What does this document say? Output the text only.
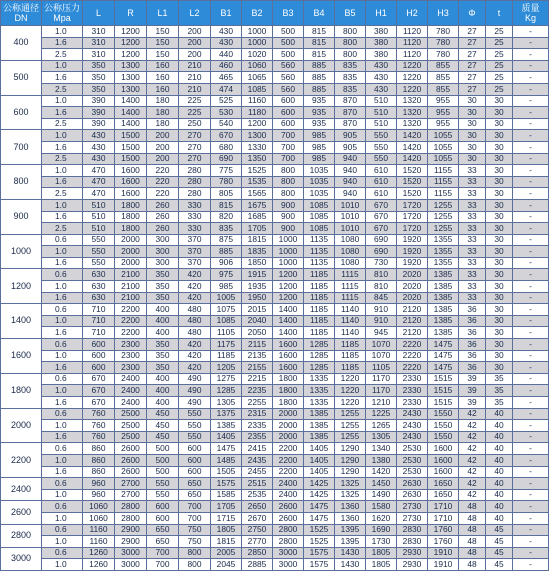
公称通径
DN	公称压力
Mpa	L	R	L1	L2	B1	B2	B3	B4	B5	H1	H2	H3	Φ	t	质量
Kg
400	1.0	310	1200	150	200	430	1000	500	815	800	380	1120	780	27	25	-
	1.6	310	1200	150	200	430	1000	500	815	800	380	1120	780	27	25	-
	2.5	310	1200	150	200	440	1020	500	815	800	380	1120	780	27	25	-
500	1.0	350	1300	160	210	460	1060	560	885	835	430	1220	855	27	25	-
	1.6	350	1300	160	210	465	1065	560	885	835	430	1220	855	27	25	-
	2.5	350	1300	160	210	474	1085	560	885	835	430	1220	855	27	25	-
600	1.0	390	1400	180	225	525	1160	600	935	870	510	1320	955	30	30	-
	1.6	390	1400	180	225	530	1180	600	935	870	510	1320	955	30	30	-
	2.5	390	1400	180	250	540	1200	600	935	870	510	1320	955	30	30	-
700	1.0	430	1500	200	270	670	1300	700	985	905	550	1420	1055	30	30	-
	1.6	430	1500	200	270	680	1330	700	985	905	550	1420	1055	30	30	-
	2.5	430	1500	200	270	690	1350	700	985	940	550	1420	1055	30	30	-
800	1.0	470	1600	220	280	775	1525	800	1035	940	610	1520	1155	33	30	-
	1.6	470	1600	220	280	780	1535	800	1035	940	610	1520	1155	33	30	-
	2.5	470	1600	220	280	805	1565	800	1035	940	610	1520	1155	33	30	-
900	1.0	510	1800	260	330	815	1675	900	1085	1010	670	1720	1255	33	30	-
	1.6	510	1800	260	330	820	1685	900	1085	1010	670	1720	1255	33	30	-
	2.5	510	1800	260	330	835	1705	900	1085	1010	670	1720	1255	33	30	-
1000	0.6	550	2000	300	370	875	1815	1000	1135	1080	690	1920	1355	33	30	-
	1.0	550	2000	300	370	885	1835	1000	1135	1080	690	1920	1355	33	30	-
	1.6	550	2000	300	370	906	1850	1000	1135	1080	730	1920	1355	33	30	-
1200	0.6	630	2100	350	420	975	1915	1200	1185	1115	810	2020	1385	33	30	-
	1.0	630	2100	350	420	985	1935	1200	1185	1115	810	2020	1385	33	30	-
	1.6	630	2100	350	420	1005	1950	1200	1185	1115	845	2020	1385	33	30	-
1400	0.6	710	2200	400	480	1075	2015	1400	1185	1140	910	2120	1385	36	30	-
	1.0	710	2200	400	480	1085	2040	1400	1185	1140	910	2120	1385	36	30	-
	1.6	710	2200	400	480	1105	2050	1400	1185	1140	945	2120	1385	36	30	-
1600	0.6	600	2300	350	420	1175	2115	1600	1285	1185	1070	2220	1475	36	30	-
	1.0	600	2300	350	420	1185	2135	1600	1285	1185	1070	2220	1475	36	30	-
	1.6	600	2300	350	420	1205	2155	1600	1285	1185	1105	2220	1475	36	30	-
1800	0.6	670	2400	400	490	1275	2215	1800	1335	1220	1170	2330	1515	39	35	-
	1.0	670	2400	400	490	1285	2235	1800	1335	1220	1170	2330	1515	39	35	-
	1.6	670	2400	400	490	1305	2255	1800	1335	1220	1210	2330	1515	39	35	-
2000	0.6	760	2500	450	550	1375	2315	2000	1385	1255	1225	2430	1550	42	40	-
	1.0	760	2500	450	550	1385	2335	2000	1385	1255	1265	2430	1550	42	40	-
	1.6	760	2500	450	550	1405	2355	2000	1385	1255	1305	2430	1550	42	40	-
2200	0.6	860	2600	500	600	1475	2415	2200	1405	1290	1340	2530	1600	42	40	-
	1.0	860	2600	500	600	1485	2435	2200	1405	1290	1380	2530	1600	42	40	-
	1.6	860	2600	500	600	1505	2455	2200	1405	1290	1420	2530	1600	42	40	-
2400	0.6	960	2700	550	650	1575	2515	2400	1425	1325	1450	2630	1650	42	40	-
	1.0	960	2700	550	650	1585	2535	2400	1425	1325	1490	2630	1650	42	40	-
2600	0.6	1060	2800	600	700	1705	2650	2600	1475	1360	1580	2730	1710	48	40	-
	1.0	1060	2800	600	700	1715	2670	2600	1475	1360	1620	2730	1710	48	40	-
2800	0.6	1160	2900	650	750	1805	2750	2800	1525	1395	1690	2830	1760	48	45	-
	1.0	1160	2900	650	750	1815	2770	2800	1525	1395	1730	2830	1760	48	45	-
3000	0.6	1260	3000	700	800	2005	2850	3000	1575	1430	1805	2930	1910	48	45	-
	1.0	1260	3000	700	800	2045	2885	3000	1575	1430	1805	2930	1910	48	45	-
